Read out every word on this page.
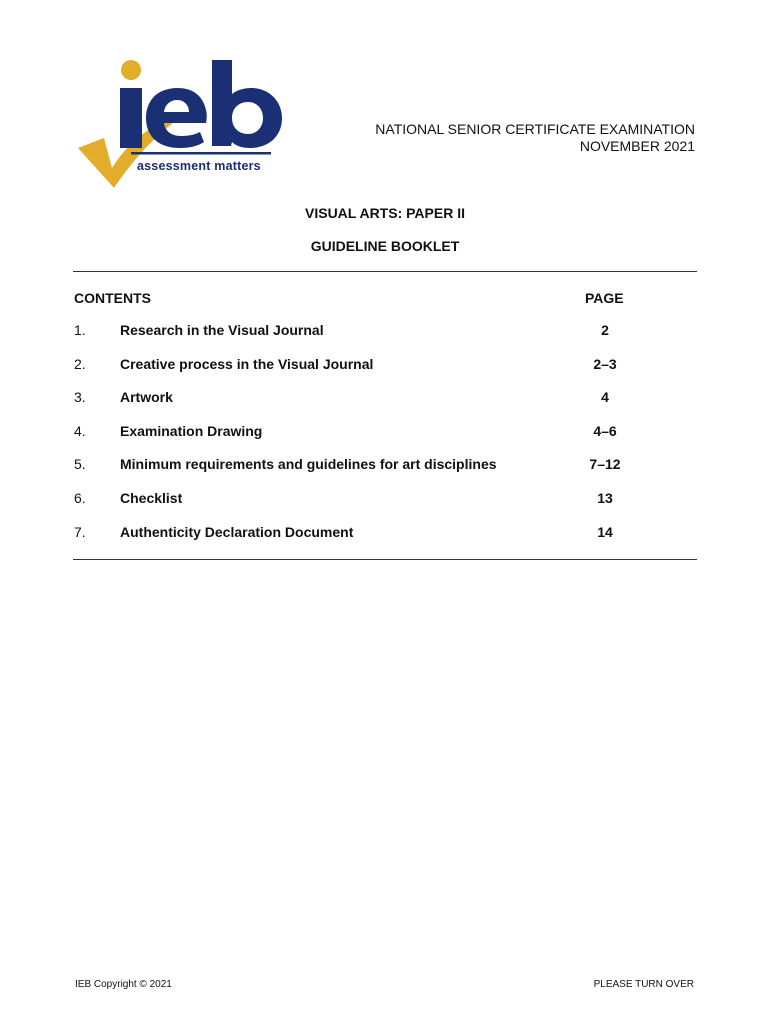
assessment matters
NATIONAL SENIOR CERTIFICATE EXAMINATION
NOVEMBER 2021
VISUAL ARTS: PAPER II
GUIDELINE BOOKLET
CONTENTS	PAGE
1. Research in the Visual Journal	2
2. Creative process in the Visual Journal	2–3
3. Artwork	4
4. Examination Drawing	4–6
5. Minimum requirements and guidelines for art disciplines	7–12
6. Checklist	13
7. Authenticity Declaration Document	14
IEB Copyright © 2021	PLEASE TURN OVER
